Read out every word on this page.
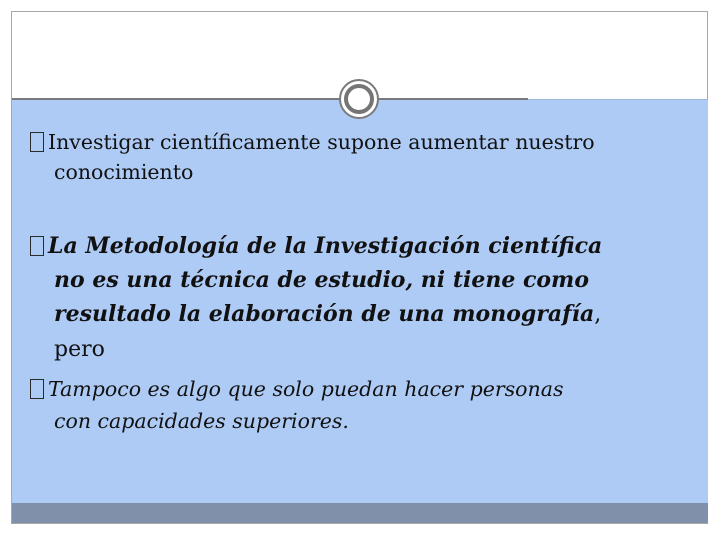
Investigar científicamente supone aumentar nuestro

conocimiento

La Metodología de la Investigación científica

no es una técnica de estudio, ni tiene como

resultado la elaboración de una monografía,

pero

Tampoco es algo que solo puedan hacer personas

con capacidades superiores.
